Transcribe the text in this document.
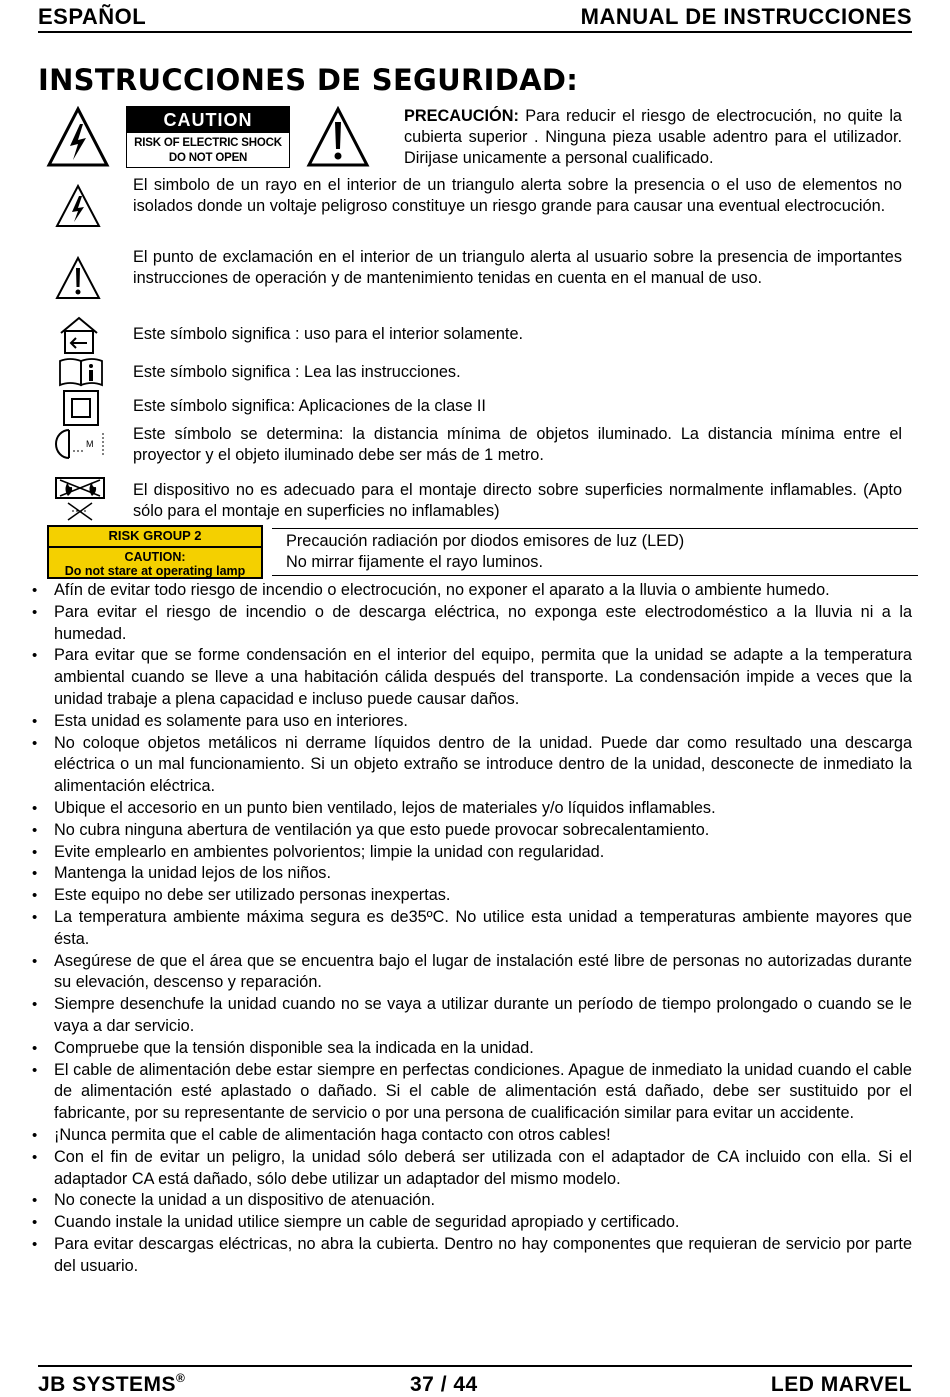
ESPAÑOL	MANUAL DE INSTRUCCIONES
INSTRUCCIONES DE SEGURIDAD:
CAUTION
RISK OF ELECTRIC SHOCK
DO NOT OPEN

PRECAUCIÓN: Para reducir el riesgo de electrocución, no quite la cubierta superior . Ninguna pieza usable adentro para el utilizador. Dirijase unicamente a personal cualificado.

El simbolo de un rayo en el interior de un triangulo alerta sobre la presencia o el uso de elementos no isolados donde un voltaje peligroso constituye un riesgo grande para causar una eventual electrocución.

El punto de exclamación en el interior de un triangulo alerta al usuario sobre la presencia de importantes instrucciones de operación y de mantenimiento tenidas en cuenta en el manual de uso.

Este símbolo significa : uso para el interior solamente.

Este símbolo significa : Lea las instrucciones.

Este símbolo significa: Aplicaciones de la clase II

M

Este símbolo se determina: la distancia mínima de objetos iluminado. La distancia mínima entre el proyector y el objeto iluminado debe ser más de 1 metro.

El dispositivo no es adecuado para el montaje directo sobre superficies normalmente inflamables. (Apto sólo para el montaje en superficies no inflamables)

RISK GROUP 2
CAUTION:
Do not stare at operating lamp

Precaución radiación por diodos emisores de luz (LED)

No mirrar fijamente el rayo luminos.

• Afín de evitar todo riesgo de incendio o electrocución, no exponer el aparato a la lluvia o ambiente humedo.
• Para evitar el riesgo de incendio o de descarga eléctrica, no exponga este electrodoméstico a la lluvia ni a la humedad.
• Para evitar que se forme condensación en el interior del equipo, permita que la unidad se adapte a la temperatura ambiental cuando se lleve a una habitación cálida después del transporte. La condensación impide a veces que la unidad trabaje a plena capacidad e incluso puede causar daños.
• Esta unidad es solamente para uso en interiores.
• No coloque objetos metálicos ni derrame líquidos dentro de la unidad. Puede dar como resultado una descarga eléctrica o un mal funcionamiento. Si un objeto extraño se introduce dentro de la unidad, desconecte de inmediato la alimentación eléctrica.
• Ubique el accesorio en un punto bien ventilado, lejos de materiales y/o líquidos inflamables.
• No cubra ninguna abertura de ventilación ya que esto puede provocar sobrecalentamiento.
• Evite emplearlo en ambientes polvorientos; limpie la unidad con regularidad.
• Mantenga la unidad lejos de los niños.
• Este equipo no debe ser utilizado personas inexpertas.
• La temperatura ambiente máxima segura es de35ºC. No utilice esta unidad a temperaturas ambiente mayores que ésta.
• Asegúrese de que el área que se encuentra bajo el lugar de instalación esté libre de personas no autorizadas durante su elevación, descenso y reparación.
• Siempre desenchufe la unidad cuando no se vaya a utilizar durante un período de tiempo prolongado o cuando se le vaya a dar servicio.
• Compruebe que la tensión disponible sea la indicada en la unidad.
• El cable de alimentación debe estar siempre en perfectas condiciones. Apague de inmediato la unidad cuando el cable de alimentación esté aplastado o dañado. Si el cable de alimentación está dañado, debe ser sustituido por el fabricante, por su representante de servicio o por una persona de cualificación similar para evitar un accidente.
• ¡Nunca permita que el cable de alimentación haga contacto con otros cables!
• Con el fin de evitar un peligro, la unidad sólo deberá ser utilizada con el adaptador de CA incluido con ella. Si el adaptador CA está dañado, sólo debe utilizar un adaptador del mismo modelo.
• No conecte la unidad a un dispositivo de atenuación.
• Cuando instale la unidad utilice siempre un cable de seguridad apropiado y certificado.
• Para evitar descargas eléctricas, no abra la cubierta. Dentro no hay componentes que requieran de servicio por parte del usuario.
JB SYSTEMS®	37 / 44	LED MARVEL
